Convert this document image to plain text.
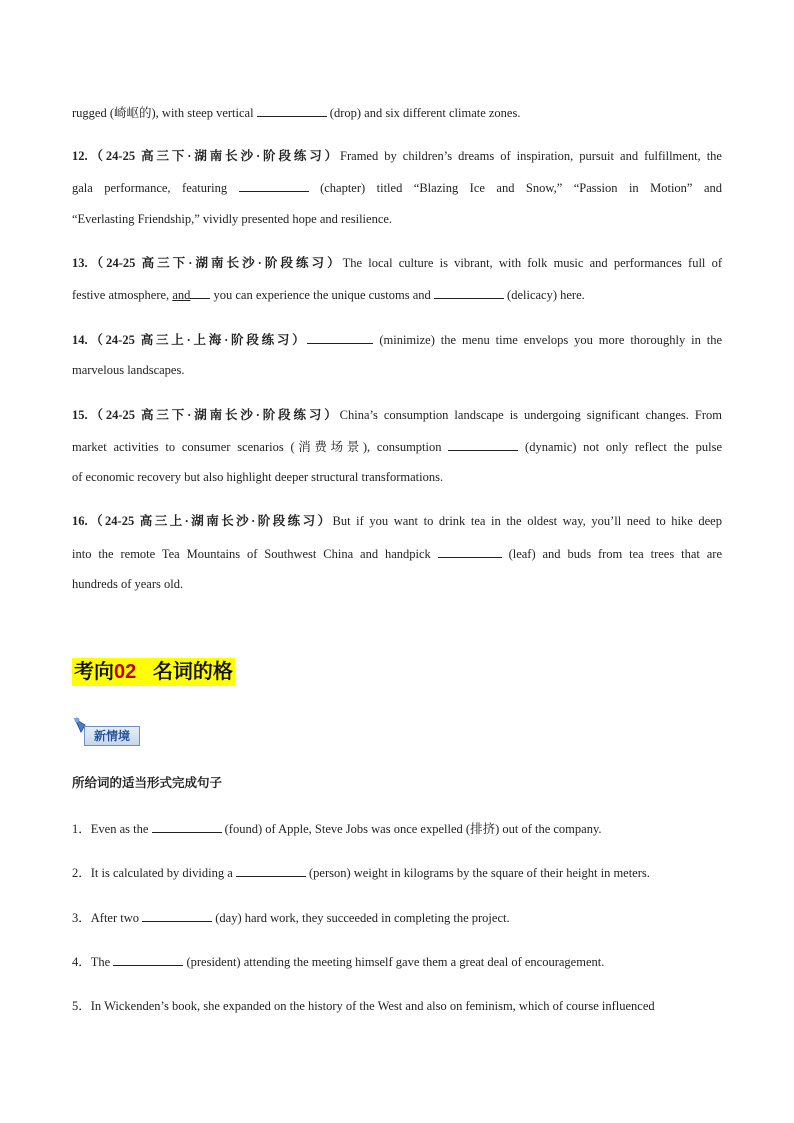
rugged (崎岖的), with steep vertical	(drop) and six different climate zones.
12.（24-25 高三下·湖南长沙·阶段练习）Framed by children’s dreams of inspiration, pursuit and fulfillment, the
gala performance, featuring	(chapter) titled “Blazing Ice and Snow,” “Passion in Motion” and
“Everlasting Friendship,” vividly presented hope and resilience.
13.（24-25 高三下·湖南长沙·阶段练习）The local culture is vibrant, with folk music and performances full of
festive atmosphere, and you can experience the unique customs and	(delicacy) here.
14.（24-25 高三上·上海·阶段练习）	(minimize) the menu time envelops you more thoroughly in the
marvelous landscapes.
15.（24-25 高三下·湖南长沙·阶段练习）China’s consumption landscape is undergoing significant changes. From
market activities to consumer scenarios (消费场景), consumption	(dynamic) not only reflect the pulse
of economic recovery but also highlight deeper structural transformations.
16.（24-25 高三上·湖南长沙·阶段练习）But if you want to drink tea in the oldest way, you’ll need to hike deep
into the remote Tea Mountains of Southwest China and handpick	(leaf) and buds from tea trees that are
hundreds of years old.
考向02 名词的格
新情境
所给词的适当形式完成句子
1．Even as the	(found) of Apple, Steve Jobs was once expelled (排挤) out of the company.
2．It is calculated by dividing a	(person) weight in kilograms by the square of their height in meters.
3．After two	(day) hard work, they succeeded in completing the project.
4．The	(president) attending the meeting himself gave them a great deal of encouragement.
5．In Wickenden’s book, she expanded on the history of the West and also on feminism, which of course influenced
